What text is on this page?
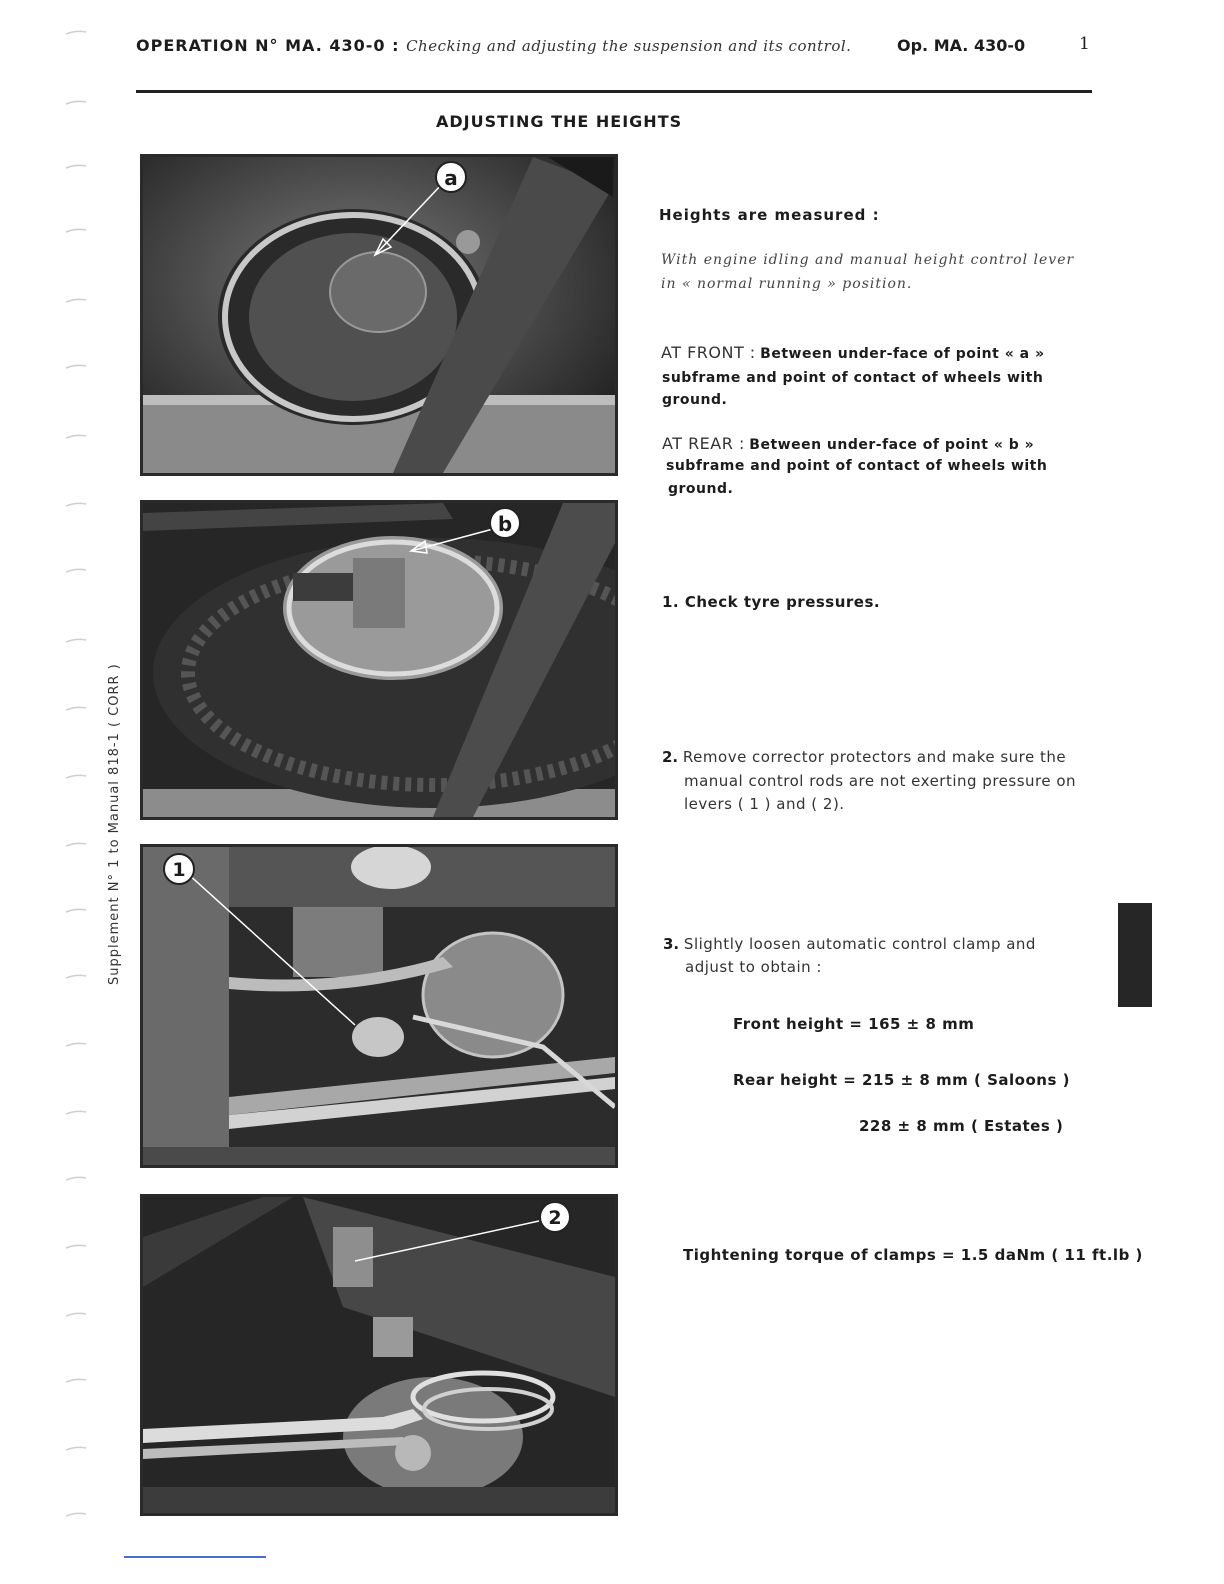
OPERATION N° MA. 430-0 : Checking and adjusting the suspension and its control.	Op. MA. 430-0	1
ADJUSTING THE HEIGHTS
Supplement N° 1 to Manual 818-1 ( CORR )
a
b
1
2
Heights are measured :
With engine idling and manual height control lever
in « normal running » position.
AT FRONT : Between under-face of point « a »
subframe and point of contact of wheels with
ground.
AT REAR : Between under-face of point « b »
subframe and point of contact of wheels with
ground.
1. Check tyre pressures.
2. Remove corrector protectors and make sure the
manual control rods are not exerting pressure on
levers ( 1 ) and ( 2).
3. Slightly loosen automatic control clamp and
adjust to obtain :
Front height = 165 ± 8 mm
Rear height = 215 ± 8 mm ( Saloons )
228 ± 8 mm ( Estates )
Tightening torque of clamps = 1.5 daNm ( 11 ft.lb )
